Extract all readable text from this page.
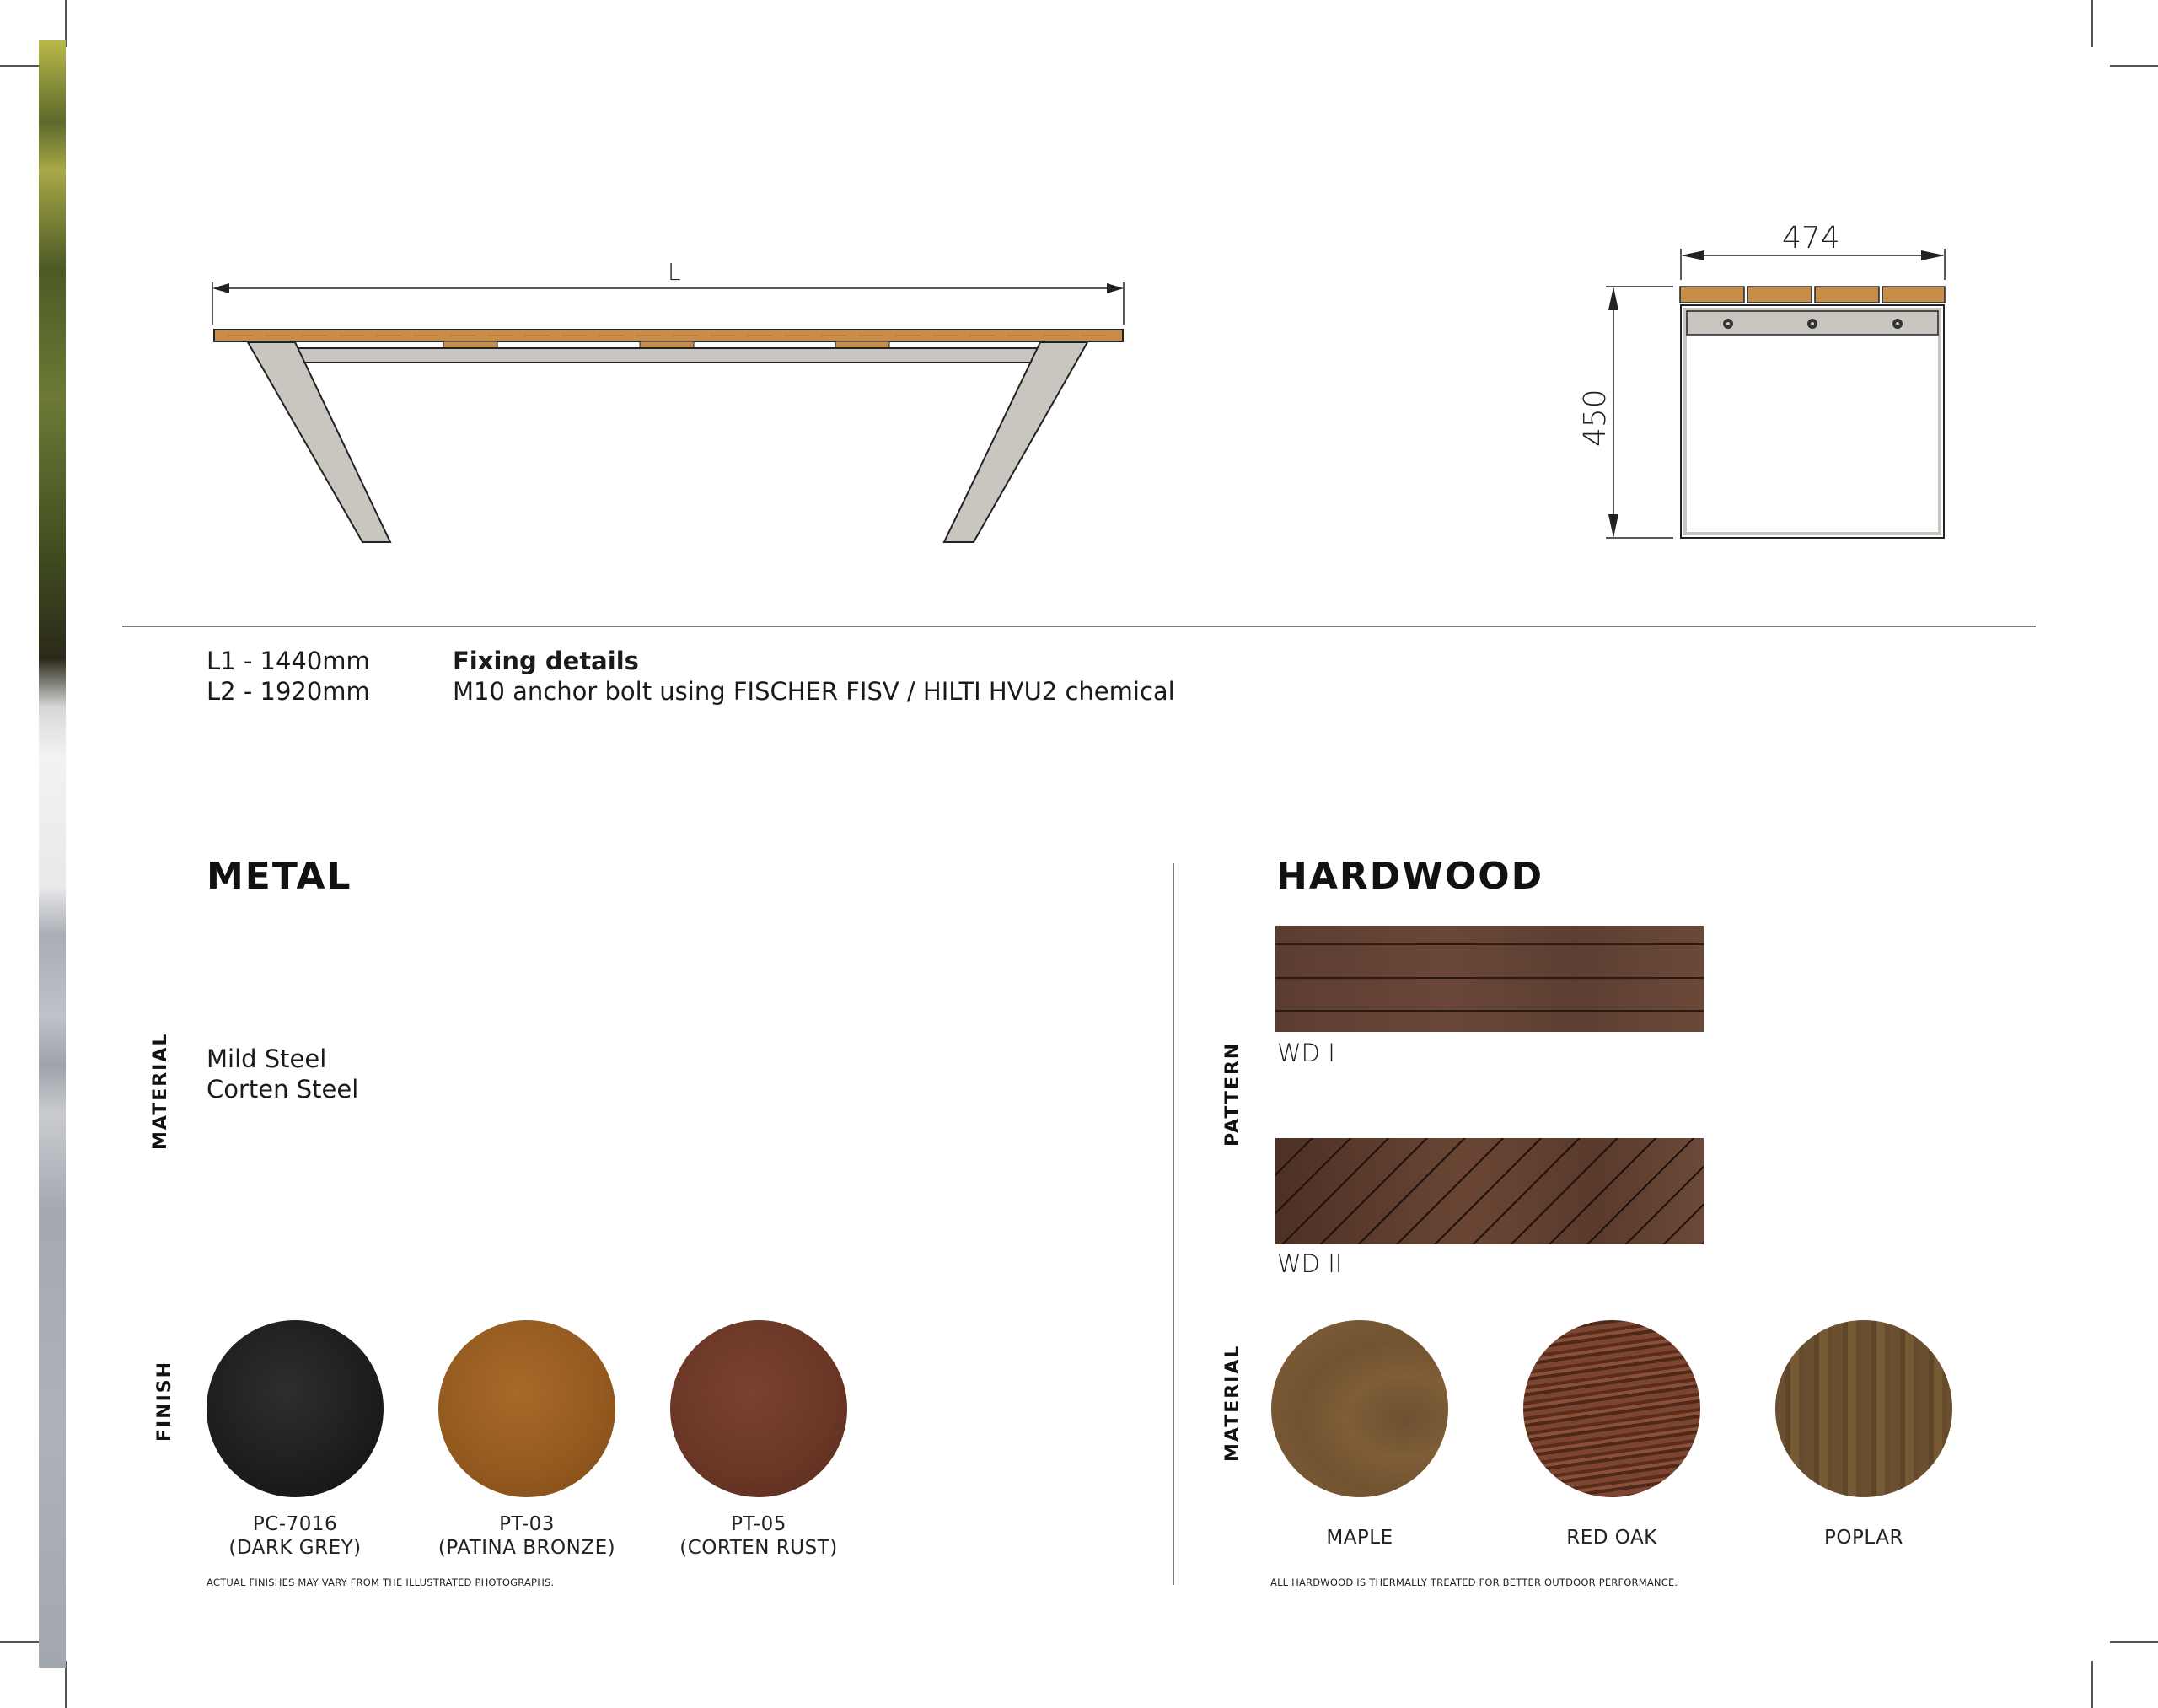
L
474
450
L1 - 1440mm
L2 - 1920mm
Fixing details
M10 anchor bolt using FISCHER FISV / HILTI HVU2 chemical
METAL
MATERIAL Mild Steel
Corten Steel
FINISH
PC-7016
(DARK GREY)
PT-03
(PATINA BRONZE)
PT-05
(CORTEN RUST)
ACTUAL FINISHES MAY VARY FROM THE ILLUSTRATED PHOTOGRAPHS.
HARDWOOD
PATTERN WD I
WD II
MATERIAL
MAPLE	RED OAK	POPLAR
ALL HARDWOOD IS THERMALLY TREATED FOR BETTER OUTDOOR PERFORMANCE.
